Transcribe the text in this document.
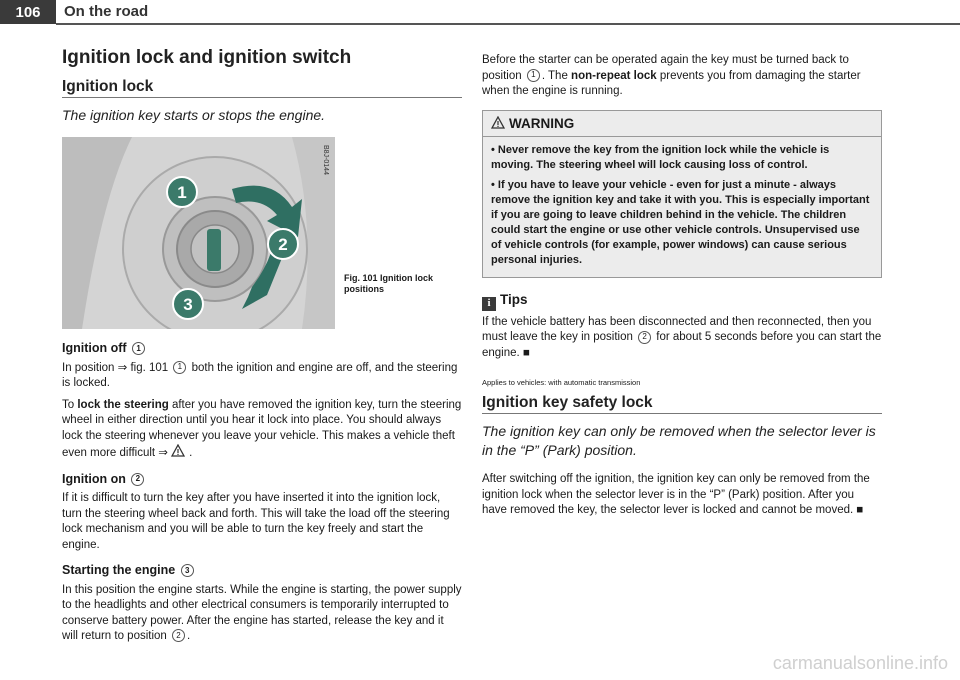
106	On the road
Ignition lock and ignition switch
Ignition lock

The ignition key starts or stops the engine.

1
2
3
B8J-0144
Fig. 101 Ignition lock
positions
Ignition off 1

In position ⇒ fig. 101 1 both the ignition and engine are off, and the steering is locked.

To lock the steering after you have removed the ignition key, turn the steering wheel in either direction until you hear it lock into place. You should always lock the steering whenever you leave your vehicle. This makes a vehicle theft even more difficult ⇒ .

Ignition on 2

If it is difficult to turn the key after you have inserted it into the ignition lock, turn the steering wheel back and forth. This will take the load off the steering lock mechanism and you will be able to turn the key freely and start the engine.

Starting the engine 3

In this position the engine starts. While the engine is starting, the power supply to the headlights and other electrical consumers is temporarily interrupted to conserve battery power. After the engine has started, release the key and it will return to position 2 .

Before the starter can be operated again the key must be turned back to position 1 . The non-repeat lock prevents you from damaging the starter when the engine is running.

WARNING

• Never remove the key from the ignition lock while the vehicle is moving. The steering wheel will lock causing loss of control.

• If you have to leave your vehicle - even for just a minute - always remove the ignition key and take it with you. This is especially important if you are going to leave children behind in the vehicle. The children could start the engine or use other vehicle controls. Unsupervised use of vehicle controls (for example, power windows) can cause serious personal injuries.

i Tips

If the vehicle battery has been disconnected and then reconnected, then you must leave the key in position 2 for about 5 seconds before you can start the engine. ■

Applies to vehicles: with automatic transmission
Ignition key safety lock

The ignition key can only be removed when the selector lever is in the “P” (Park) position.

After switching off the ignition, the ignition key can only be removed from the ignition lock when the selector lever is in the “P” (Park) position. After you have removed the key, the selector lever is locked and cannot be moved. ■

carmanualsonline.info
